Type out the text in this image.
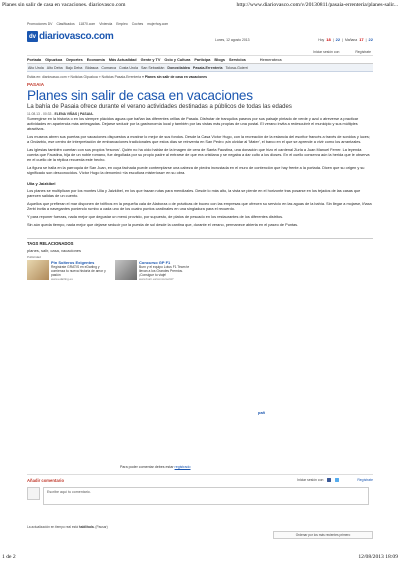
Planes sin salir de casa en vacaciones. diariovasco.com	http://www.diariovasco.com/v/20130811/pasaia-errenteria/planes-salir...
Promociones DV Clasificados 11870.com Vivienda Empleo Coches mujerhoy.com
dv diariovasco.com	Lunes, 12 agosto 2013	Hoy 18 | 22 | Mañana 17 | 22
Iniciar sesión con	Regístrate
Portada Gipuzkoa Deportes Economía Más Actualidad Gente y TV Ocio y Cultura Participa Blogs Servicios	Hemeroteca
Alto Urola Alto Deba Bajo Deba Bidasoa Comarca Costa Urola San Sebastián Donostialdea Pasaia-Errenteria Tolosa-Goierri
Estás en: diariovasco.com » Noticias Gipuzkoa » Noticias Pasaia-Errenteria » Planes sin salir de casa en vacaciones
PASAIA
Planes sin salir de casa en vacaciones
La bahía de Pasaia ofrece durante el verano actividades destinadas a públicos de todas las edades
11.08.13 - 00:33 - ELENA VIÑAS | PASAIA.

Sumergirse en la historia o en los siempre plácidos aguas que bañan las diferentes orillas de Pasaia. Disfrutar de tranquilos paseos por sus paisaje pintado de verde y azul o atreverse a practicar actividades en apariencia más arriesgadas. Dejarse seducir por la gastronomía local y también por las vistas más propias de una postal. El verano invita a redescubrir el municipio y sus múltiples atractivos.

Los museos abren sus puertas por vacaciones dispuestos a mostrar lo mejor de sus fondos. Desde la Casa Víctor Hugo, con la recreación de la estancia del escritor francés a través de sonidos y luces; a Ondarbio, ese centro de interpretación de embarcaciones tradicionales que estos días se reinventa en San Pedro ¡sin olvidar al 'Mater', el barco en el que se aprende a vivir como los arrantzales.

Las iglesias también cuentan con sus propios 'tesoros'. Quién no ha oído hablar de la imagen de cera de Santa Faustina, una donación que hizo el cardenal Zurla a Juan Manuel Ferrer. La leyenda cuenta que Faustina, hija de un noble romano, fue degollada por su propio padre al entrarse de que era cristiana y se negaba a dar culto a los dioses. En el cuello conserva aún la herida que le observa en el cuello de la réplica recuerda este hecho.

La figura se halla en la parroquia de San Juan, en cuya fachada puede contemplarse una cabeza de piedra incrustada en el muro de contención que hay frente a la portada. Dicen que su origen y su significado son desconocidos. Víctor Hugo la denominó «la escultura misteriosa» en su obra.

Ulia y Jaizkibel

Los planes se multiplican por los montes Ulia y Jaizkibel, en los que trazan rutas para mendizales. Desde lo más alto, la vista se pierde en el horizonte tras posarse en los tejados de las casas que parecen salidas de un cuento.

Aquellos que prefieran el mar disponen de txiñbos en la pequeña cala de Alaborza o de prácticas de buceo con las empresas que ofrecen su servicio en las aguas de la bahía. Sin llegar a mojarse, Iñaxa Zerbi invita a navegantes poniendo rumbo a cada uno de los cuatro puntos cardinales en una singladura para el recuerdo.

Y para reponer fuerzas, nada mejor que degustar un menú provisto, por supuesto, de platos de pescado en los restaurantes de los diferentes distritos.

Sin aún queda tiempo, nada mejor que dejarse seducir por la puesta de sol desde la cantina que, durante el verano, permanece abierta en el paseo de Puntas.

TAGS RELACIONADOS
planes, salir, casa, vacaciones
Publicidad
Pin Solteros Exigentes
Regístrate GRATIS en eDarling y comienza tu nueva historia de amor y pasión
www.edarling.es
Concurso GP F1
Burn y el equipo Lotus F1 Team te llevan a los Grandes Premios. ¡Consigue tu viaje!
www.burn.es/concursoGP
pañ
Para poder comentar debes estar registrado
Añadir comentario	Iniciar sesión con	Regístrate
Escribe aquí tu comentario.
La actualización en tiempo real está habilitada. (Pausar)
Ordenar por los más recientes primero
1 de 2	12/08/2013 18:09
